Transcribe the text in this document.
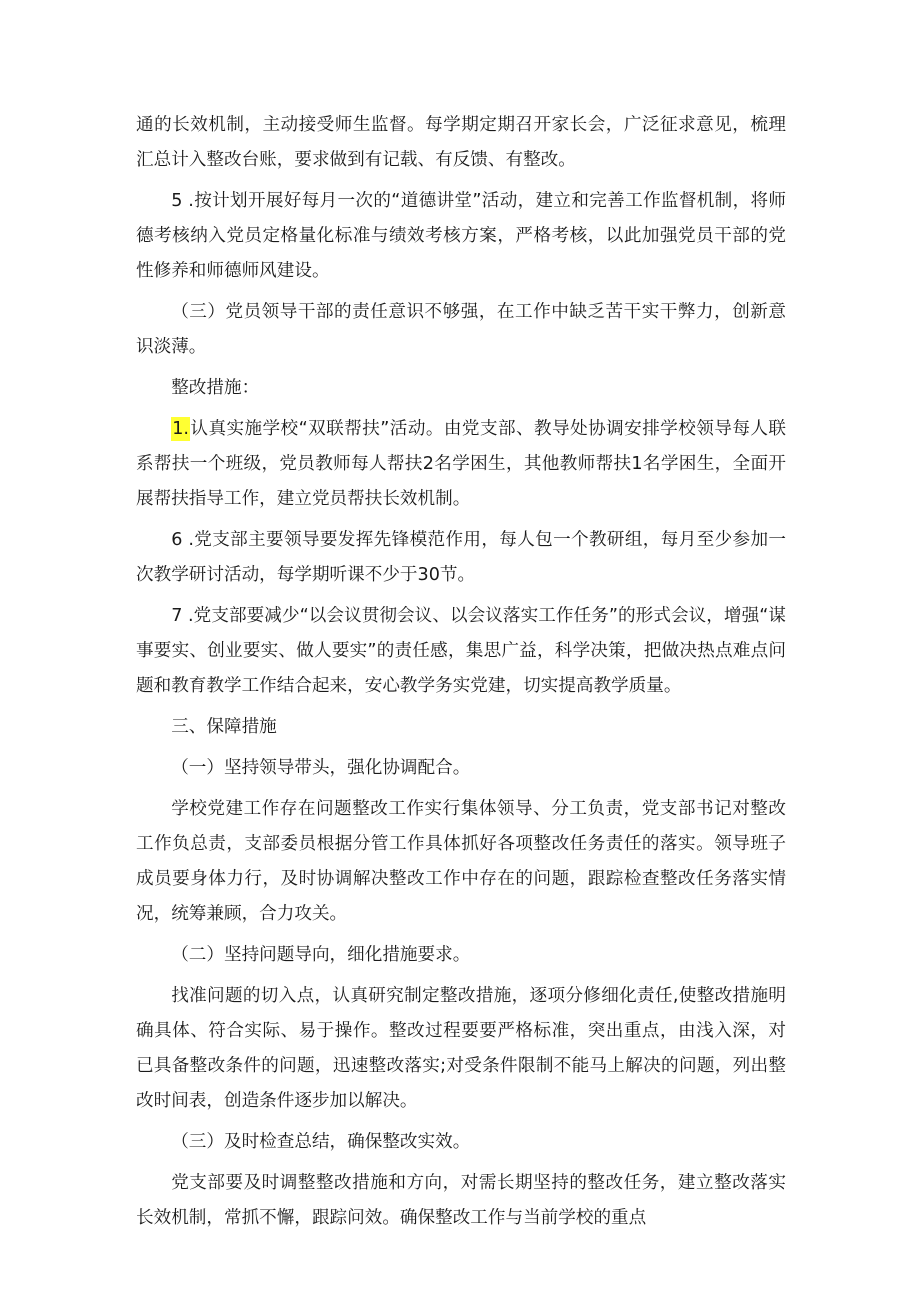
通的长效机制，主动接受师生监督。每学期定期召开家长会，广泛征求意见，梳理汇总计入整改台账，要求做到有记载、有反馈、有整改。

5 .按计划开展好每月一次的“道德讲堂”活动，建立和完善工作监督机制，将师德考核纳入党员定格量化标准与绩效考核方案，严格考核，以此加强党员干部的党性修养和师德师风建设。

（三）党员领导干部的责任意识不够强，在工作中缺乏苦干实干弊力，创新意识淡薄。

整改措施：

1.认真实施学校“双联帮扶”活动。由党支部、教导处协调安排学校领导每人联系帮扶一个班级，党员教师每人帮扶2名学困生，其他教师帮扶1名学困生，全面开展帮扶指导工作，建立党员帮扶长效机制。

6 .党支部主要领导要发挥先锋模范作用，每人包一个教研组，每月至少参加一次教学研讨活动，每学期听课不少于30节。

7 .党支部要减少“以会议贯彻会议、以会议落实工作任务”的形式会议，增强“谋事要实、创业要实、做人要实”的责任感，集思广益，科学决策，把做决热点难点问题和教育教学工作结合起来，安心教学务实党建，切实提高教学质量。

三、保障措施

（一）坚持领导带头，强化协调配合。

学校党建工作存在问题整改工作实行集体领导、分工负责，党支部书记对整改工作负总责，支部委员根据分管工作具体抓好各项整改任务责任的落实。领导班子成员要身体力行，及时协调解决整改工作中存在的问题，跟踪检查整改任务落实情况，统筹兼顾，合力攻关。

（二）坚持问题导向，细化措施要求。

找准问题的切入点，认真研究制定整改措施，逐项分修细化责任,使整改措施明确具体、符合实际、易于操作。整改过程要要严格标准，突出重点，由浅入深，对已具备整改条件的问题，迅速整改落实;对受条件限制不能马上解决的问题，列出整改时间表，创造条件逐步加以解决。

（三）及时检查总结，确保整改实效。

党支部要及时调整整改措施和方向，对需长期坚持的整改任务，建立整改落实长效机制，常抓不懈，跟踪问效。确保整改工作与当前学校的重点
